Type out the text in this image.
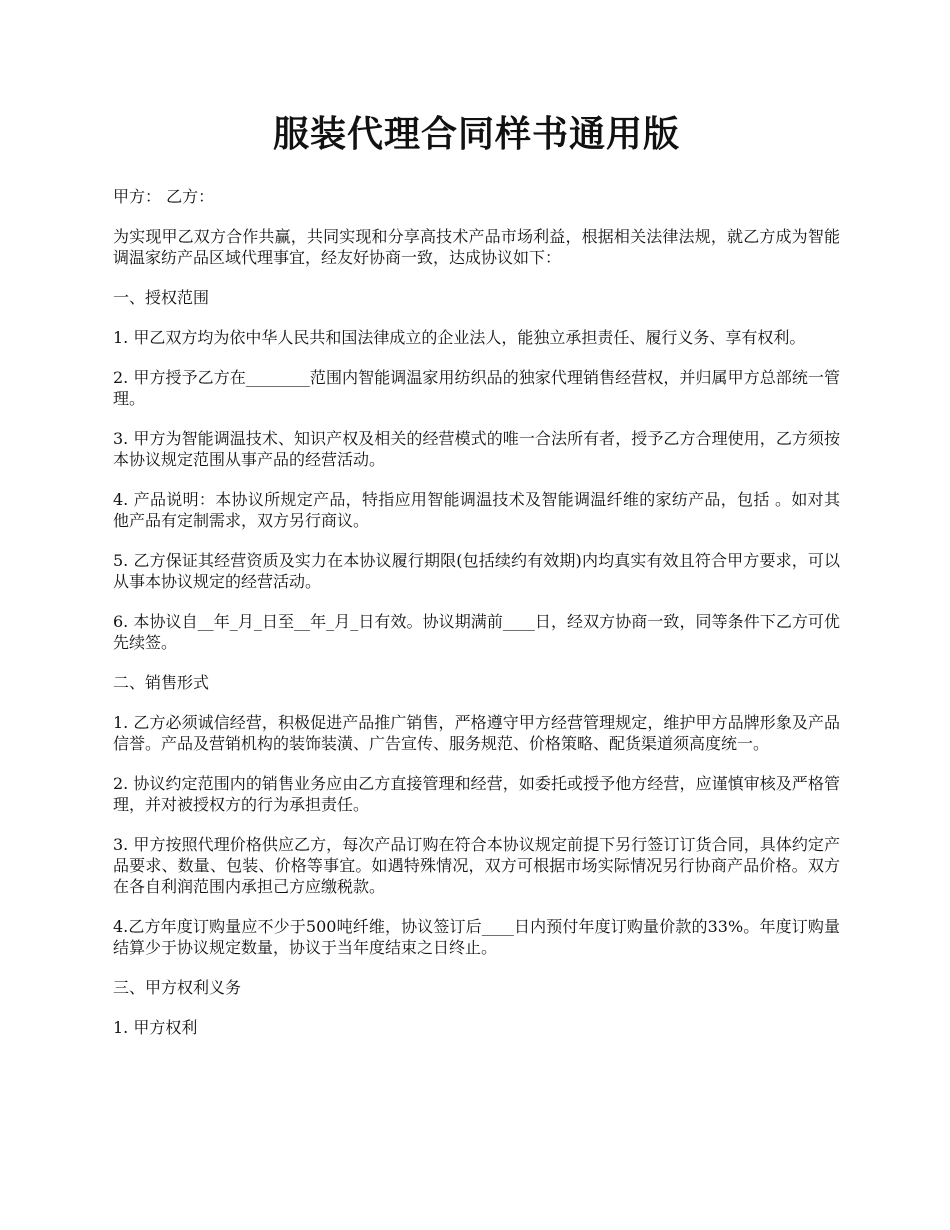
服装代理合同样书通用版

甲方： 乙方：

为实现甲乙双方合作共赢，共同实现和分享高技术产品市场利益，根据相关法律法规，就乙方成为智能调温家纺产品区域代理事宜，经友好协商一致，达成协议如下：

一、授权范围

1. 甲乙双方均为依中华人民共和国法律成立的企业法人，能独立承担责任、履行义务、享有权利。

2. 甲方授予乙方在________范围内智能调温家用纺织品的独家代理销售经营权，并归属甲方总部统一管理。

3. 甲方为智能调温技术、知识产权及相关的经营模式的唯一合法所有者，授予乙方合理使用，乙方须按本协议规定范围从事产品的经营活动。

4. 产品说明：本协议所规定产品，特指应用智能调温技术及智能调温纤维的家纺产品，包括 。如对其他产品有定制需求，双方另行商议。

5. 乙方保证其经营资质及实力在本协议履行期限(包括续约有效期)内均真实有效且符合甲方要求，可以从事本协议规定的经营活动。

6. 本协议自__年_月_日至__年_月_日有效。协议期满前____日，经双方协商一致，同等条件下乙方可优先续签。

二、销售形式

1. 乙方必须诚信经营，积极促进产品推广销售，严格遵守甲方经营管理规定，维护甲方品牌形象及产品信誉。产品及营销机构的装饰装潢、广告宣传、服务规范、价格策略、配货渠道须高度统一。

2. 协议约定范围内的销售业务应由乙方直接管理和经营，如委托或授予他方经营，应谨慎审核及严格管理，并对被授权方的行为承担责任。

3. 甲方按照代理价格供应乙方，每次产品订购在符合本协议规定前提下另行签订订货合同，具体约定产品要求、数量、包装、价格等事宜。如遇特殊情况，双方可根据市场实际情况另行协商产品价格。双方在各自利润范围内承担己方应缴税款。

4.乙方年度订购量应不少于500吨纤维，协议签订后____日内预付年度订购量价款的33%。年度订购量结算少于协议规定数量，协议于当年度结束之日终止。

三、甲方权利义务

1. 甲方权利
